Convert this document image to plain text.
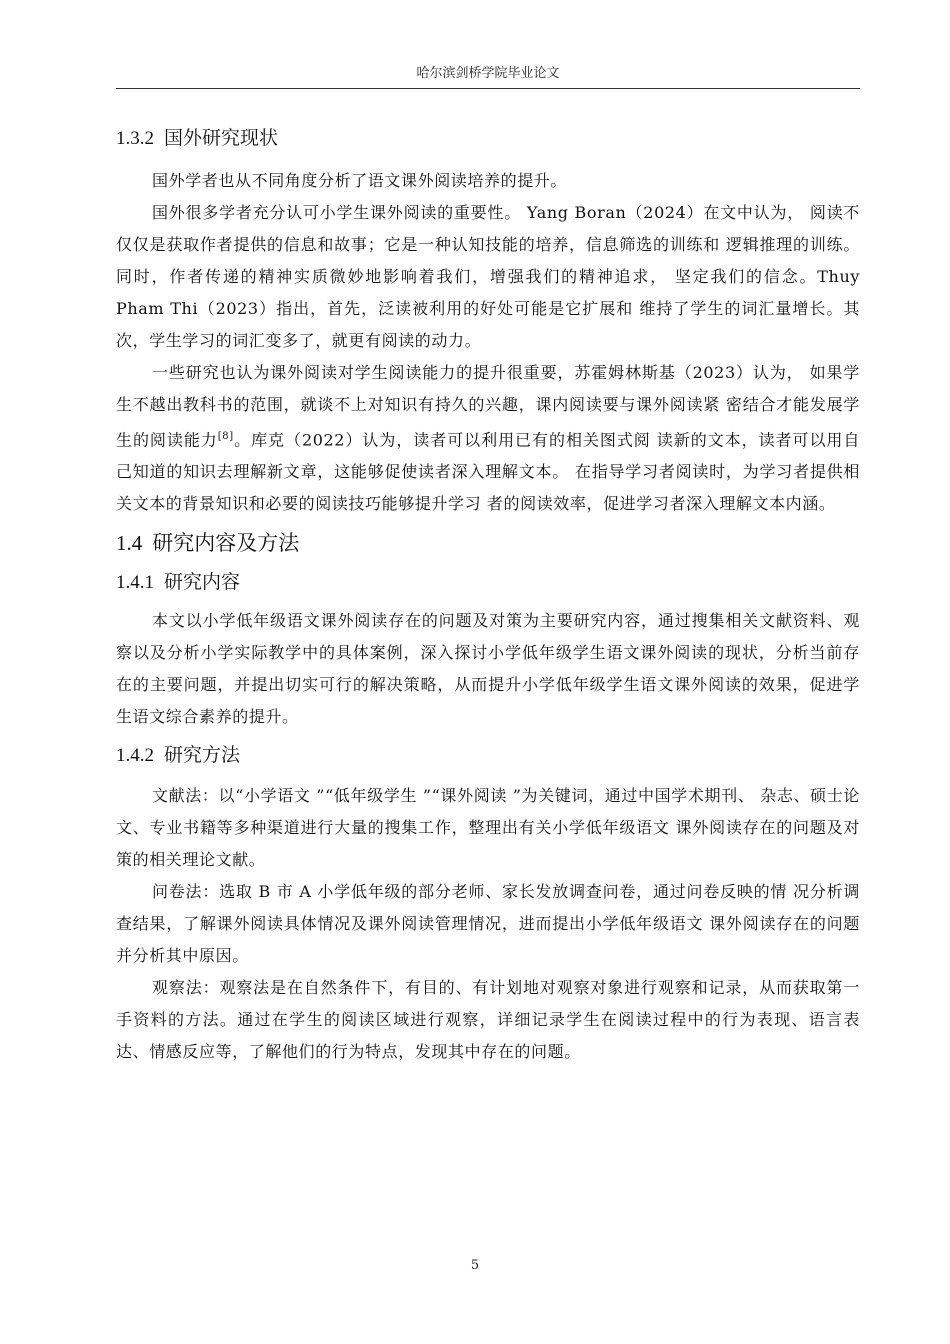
哈尔滨剑桥学院毕业论文
1.3.2 国外研究现状

国外学者也从不同角度分析了语文课外阅读培养的提升。

国外很多学者充分认可小学生课外阅读的重要性。 Yang Boran（2024）在文中认为， 阅读不仅仅是获取作者提供的信息和故事；它是一种认知技能的培养，信息筛选的训练和 逻辑推理的训练。同时，作者传递的精神实质微妙地影响着我们，增强我们的精神追求， 坚定我们的信念。Thuy Pham Thi（2023）指出，首先，泛读被利用的好处可能是它扩展和 维持了学生的词汇量增长。其次，学生学习的词汇变多了，就更有阅读的动力。

一些研究也认为课外阅读对学生阅读能力的提升很重要，苏霍姆林斯基（2023）认为， 如果学生不越出教科书的范围，就谈不上对知识有持久的兴趣，课内阅读要与课外阅读紧 密结合才能发展学生的阅读能力[8]。库克（2022）认为，读者可以利用已有的相关图式阅 读新的文本，读者可以用自己知道的知识去理解新文章，这能够促使读者深入理解文本。 在指导学习者阅读时，为学习者提供相关文本的背景知识和必要的阅读技巧能够提升学习 者的阅读效率，促进学习者深入理解文本内涵。

1.4 研究内容及方法
1.4.1 研究内容

本文以小学低年级语文课外阅读存在的问题及对策为主要研究内容，通过搜集相关文献资料、观察以及分析小学实际教学中的具体案例，深入探讨小学低年级学生语文课外阅读的现状，分析当前存在的主要问题，并提出切实可行的解决策略，从而提升小学低年级学生语文课外阅读的效果，促进学生语文综合素养的提升。

1.4.2 研究方法

文献法：以“小学语文 ”“低年级学生 ”“课外阅读 ”为关键词，通过中国学术期刊、 杂志、硕士论文、专业书籍等多种渠道进行大量的搜集工作，整理出有关小学低年级语文 课外阅读存在的问题及对策的相关理论文献。

问卷法：选取 B 市 A 小学低年级的部分老师、家长发放调查问卷，通过问卷反映的情 况分析调查结果，了解课外阅读具体情况及课外阅读管理情况，进而提出小学低年级语文 课外阅读存在的问题并分析其中原因。

观察法：观察法是在自然条件下，有目的、有计划地对观察对象进行观察和记录，从而获取第一手资料的方法。通过在学生的阅读区域进行观察，详细记录学生在阅读过程中的行为表现、语言表达、情感反应等，了解他们的行为特点，发现其中存在的问题。

5
